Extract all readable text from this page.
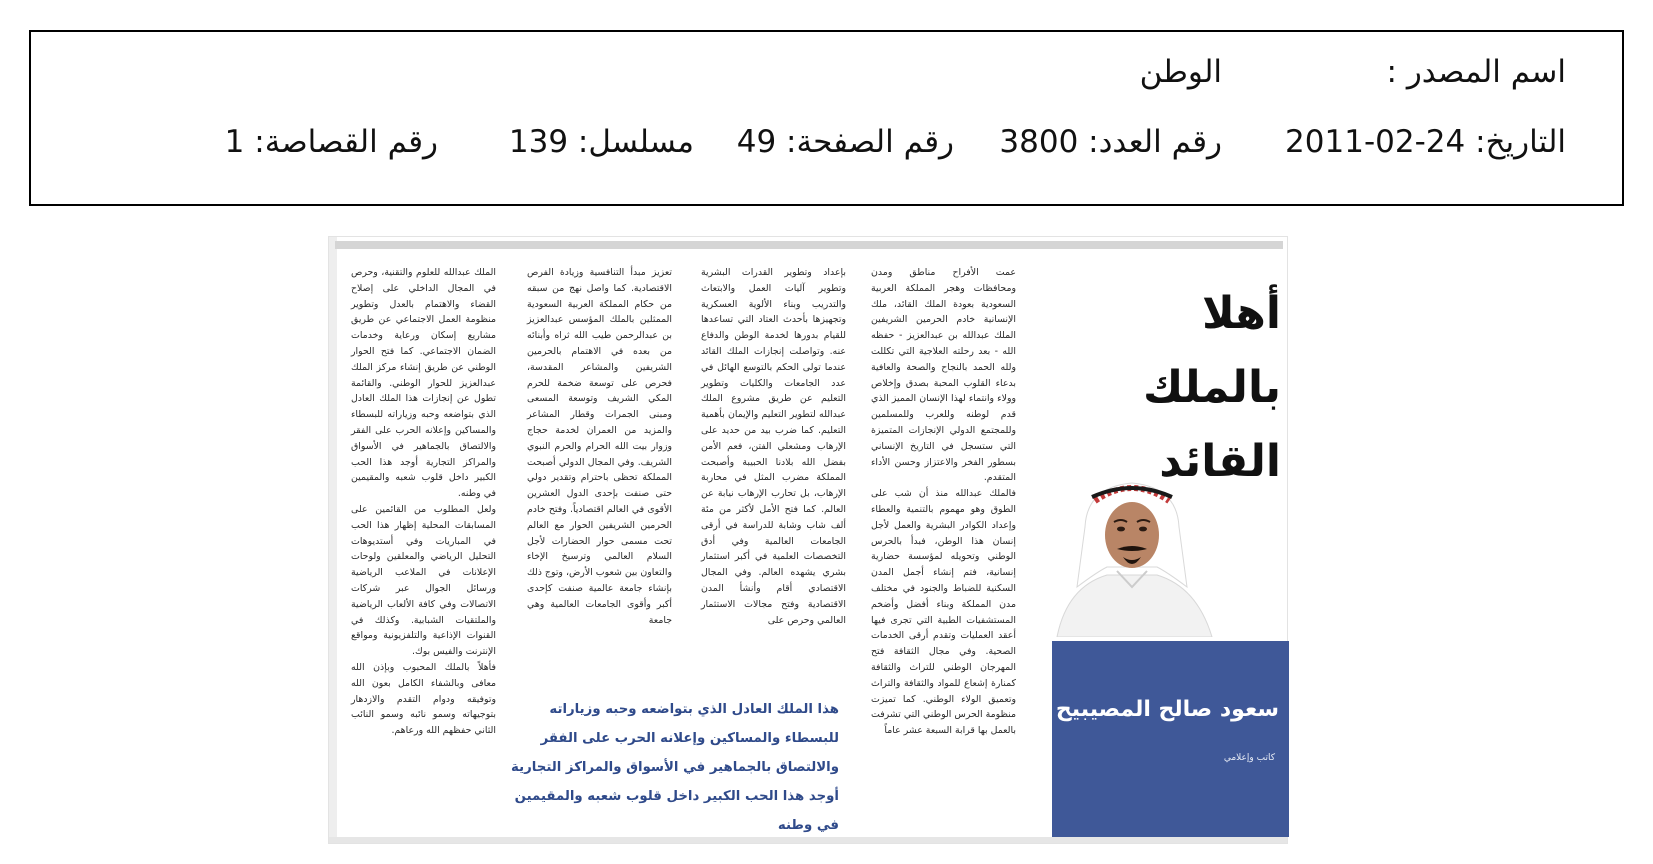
اسم المصدر :
الوطن
التاريخ: 24-02-2011
رقم العدد: 3800
رقم الصفحة: 49
مسلسل: 139
رقم القصاصة: 1

عمت الأفراح مناطق ومدن ومحافظات وهجر المملكة العربية السعودية بعودة الملك القائد، ملك الإنسانية خادم الحرمين الشريفين الملك عبدالله بن عبدالعزيز - حفظه الله - بعد رحلته العلاجية التي تكللت ولله الحمد بالنجاح والصحة والعافية بدعاء القلوب المحبة بصدق وإخلاص وولاء وانتماء لهذا الإنسان المميز الذي قدم لوطنه وللعرب وللمسلمين وللمجتمع الدولي الإنجازات المتميزة التي ستسجل في التاريخ الإنساني بسطور الفخر والاعتزاز وحسن الأداء المتقدم.

فالملك عبدالله منذ أن شب على الطوق وهو مهموم بالتنمية والعطاء وإعداد الكوادر البشرية والعمل لأجل إنسان هذا الوطن، فبدأ بالحرس الوطني وتحويله لمؤسسة حضارية إنسانية، فتم إنشاء أجمل المدن السكنية للضباط والجنود في مختلف مدن المملكة وبناء أفضل وأضخم المستشفيات الطبية التي تجرى فيها أعقد العمليات وتقدم أرقى الخدمات الصحية. وفي مجال الثقافة فتح المهرجان الوطني للتراث والثقافة كمنارة إشعاع للمواد والثقافة والتراث وتعميق الولاء الوطني. كما تميزت منظومة الحرس الوطني التي تشرفت بالعمل بها قرابة السبعة عشر عاماً

بإعداد وتطوير القدرات البشرية وتطوير آليات العمل والابتعاث والتدريب وبناء الألوية العسكرية وتجهيزها بأحدث العتاد التي تساعدها للقيام بدورها لخدمة الوطن والدفاع عنه. وتواصلت إنجازات الملك القائد عندما تولى الحكم بالتوسع الهائل في عدد الجامعات والكليات وتطوير التعليم عن طريق مشروع الملك عبدالله لتطوير التعليم والإيمان بأهمية التعليم. كما ضرب بيد من حديد على الإرهاب ومشعلي الفتن، فعم الأمن بفضل الله بلادنا الحبيبة وأصبحت المملكة مضرب المثل في محاربة الإرهاب، بل تحارب الإرهاب نيابة عن العالم. كما فتح الأمل لأكثر من مئة ألف شاب وشابة للدراسة في أرقى الجامعات العالمية وفي أدق التخصصات العلمية في أكبر استثمار بشري يشهده العالم. وفي المجال الاقتصادي أقام وأنشأ المدن الاقتصادية وفتح مجالات الاستثمار العالمي وحرص على

تعزيز مبدأ التنافسية وزيادة الفرص الاقتصادية. كما واصل نهج من سبقه من حكام المملكة العربية السعودية الممثلين بالملك المؤسس عبدالعزيز بن عبدالرحمن طيب الله ثراه وأبنائه من بعده في الاهتمام بالحرمين الشريفين والمشاعر المقدسة، فحرص على توسعة ضخمة للحرم المكي الشريف وتوسعة المسعى ومبنى الجمرات وقطار المشاعر والمزيد من العمران لخدمة حجاج وزوار بيت الله الحرام والحرم النبوي الشريف. وفي المجال الدولي أصبحت المملكة تحظى باحترام وتقدير دولي حتى صنفت بإحدى الدول العشرين الأقوى في العالم اقتصادياً. وفتح خادم الحرمين الشريفين الحوار مع العالم تحت مسمى حوار الحضارات لأجل السلام العالمي وترسيخ الإخاء والتعاون بين شعوب الأرض، وتوج ذلك بإنشاء جامعة عالمية صنفت كإحدى أكبر وأقوى الجامعات العالمية وهي جامعة

الملك عبدالله للعلوم والتقنية، وحرص في المجال الداخلي على إصلاح القضاء والاهتمام بالعدل وتطوير منظومة العمل الاجتماعي عن طريق مشاريع إسكان ورعاية وخدمات الضمان الاجتماعي. كما فتح الحوار الوطني عن طريق إنشاء مركز الملك عبدالعزيز للحوار الوطني. والقائمة تطول عن إنجازات هذا الملك العادل الذي بتواضعه وحبه وزياراته للبسطاء والمساكين وإعلانه الحرب على الفقر والالتصاق بالجماهير في الأسواق والمراكز التجارية أوجد هذا الحب الكبير داخل قلوب شعبه والمقيمين في وطنه.

ولعل المطلوب من القائمين على المسابقات المحلية إظهار هذا الحب في المباريات وفي أستديوهات التحليل الرياضي والمعلقين ولوحات الإعلانات في الملاعب الرياضية ورسائل الجوال عبر شركات الاتصالات وفي كافة الألعاب الرياضية والملتقيات الشبابية. وكذلك في القنوات الإذاعية والتلفزيونية ومواقع الإنترنت والفيس بوك.

فأهلاً بالملك المحبوب وبإذن الله معافى وبالشفاء الكامل بعون الله وتوفيقه ودوام التقدم والازدهار بتوجيهاته وسمو نائبه وسمو النائب الثاني حفظهم الله ورعاهم.

أهلا بالملك
القائد
هذا الملك العادل الذي بتواضعه وحبه وزياراته للبسطاء والمساكين وإعلانه الحرب على الفقر والالتصاق بالجماهير في الأسواق والمراكز التجارية أوجد هذا الحب الكبير داخل قلوب شعبه والمقيمين في وطنه
سعود صالح المصيبيح
كاتب وإعلامي
